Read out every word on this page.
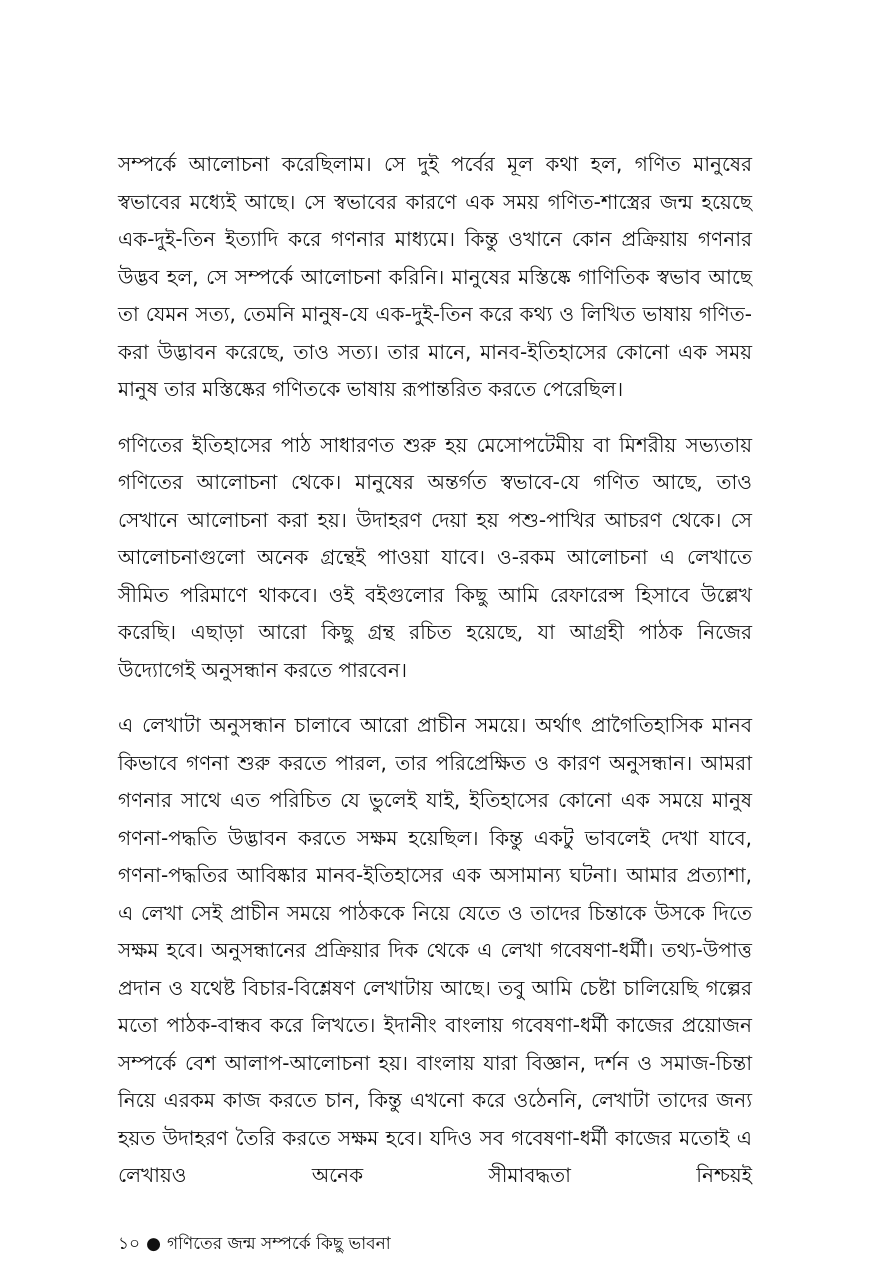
সম্পর্কে আলোচনা করেছিলাম। সে দুই পর্বের মূল কথা হল, গণিত মানুষের স্বভাবের মধ্যেই আছে। সে স্বভাবের কারণে এক সময় গণিত-শাস্ত্রের জন্ম হয়েছে এক-দুই-তিন ইত্যাদি করে গণনার মাধ্যমে। কিন্তু ওখানে কোন প্রক্রিয়ায় গণনার উদ্ভব হল, সে সম্পর্কে আলোচনা করিনি। মানুষের মস্তিষ্কে গাণিতিক স্বভাব আছে তা যেমন সত্য, তেমনি মানুষ-যে এক-দুই-তিন করে কথ্য ও লিখিত ভাষায় গণিত-করা উদ্ভাবন করেছে, তাও সত্য। তার মানে, মানব-ইতিহাসের কোনো এক সময় মানুষ তার মস্তিষ্কের গণিতকে ভাষায় রূপান্তরিত করতে পেরেছিল।

গণিতের ইতিহাসের পাঠ সাধারণত শুরু হয় মেসোপটেমীয় বা মিশরীয় সভ্যতায় গণিতের আলোচনা থেকে। মানুষের অন্তর্গত স্বভাবে-যে গণিত আছে, তাও সেখানে আলোচনা করা হয়। উদাহরণ দেয়া হয় পশু-পাখির আচরণ থেকে। সে আলোচনাগুলো অনেক গ্রন্থেই পাওয়া যাবে। ও-রকম আলোচনা এ লেখাতে সীমিত পরিমাণে থাকবে। ওই বইগুলোর কিছু আমি রেফারেন্স হিসাবে উল্লেখ করেছি। এছাড়া আরো কিছু গ্রন্থ রচিত হয়েছে, যা আগ্রহী পাঠক নিজের উদ্যোগেই অনুসন্ধান করতে পারবেন।

এ লেখাটা অনুসন্ধান চালাবে আরো প্রাচীন সময়ে। অর্থাৎ প্রাগৈতিহাসিক মানব কিভাবে গণনা শুরু করতে পারল, তার পরিপ্রেক্ষিত ও কারণ অনুসন্ধান। আমরা গণনার সাথে এত পরিচিত যে ভুলেই যাই, ইতিহাসের কোনো এক সময়ে মানুষ গণনা-পদ্ধতি উদ্ভাবন করতে সক্ষম হয়েছিল। কিন্তু একটু ভাবলেই দেখা যাবে, গণনা-পদ্ধতির আবিষ্কার মানব-ইতিহাসের এক অসামান্য ঘটনা। আমার প্রত্যাশা, এ লেখা সেই প্রাচীন সময়ে পাঠককে নিয়ে যেতে ও তাদের চিন্তাকে উসকে দিতে সক্ষম হবে। অনুসন্ধানের প্রক্রিয়ার দিক থেকে এ লেখা গবেষণা-ধর্মী। তথ্য-উপাত্ত প্রদান ও যথেষ্ট বিচার-বিশ্লেষণ লেখাটায় আছে। তবু আমি চেষ্টা চালিয়েছি গল্পের মতো পাঠক-বান্ধব করে লিখতে। ইদানীং বাংলায় গবেষণা-ধর্মী কাজের প্রয়োজন সম্পর্কে বেশ আলাপ-আলোচনা হয়। বাংলায় যারা বিজ্ঞান, দর্শন ও সমাজ-চিন্তা নিয়ে এরকম কাজ করতে চান, কিন্তু এখনো করে ওঠেননি, লেখাটা তাদের জন্য হয়ত উদাহরণ তৈরি করতে সক্ষম হবে। যদিও সব গবেষণা-ধর্মী কাজের মতোই এ লেখায়ও অনেক সীমাবদ্ধতা নিশ্চয়ই

১০ ● গণিতের জন্ম সম্পর্কে কিছু ভাবনা
